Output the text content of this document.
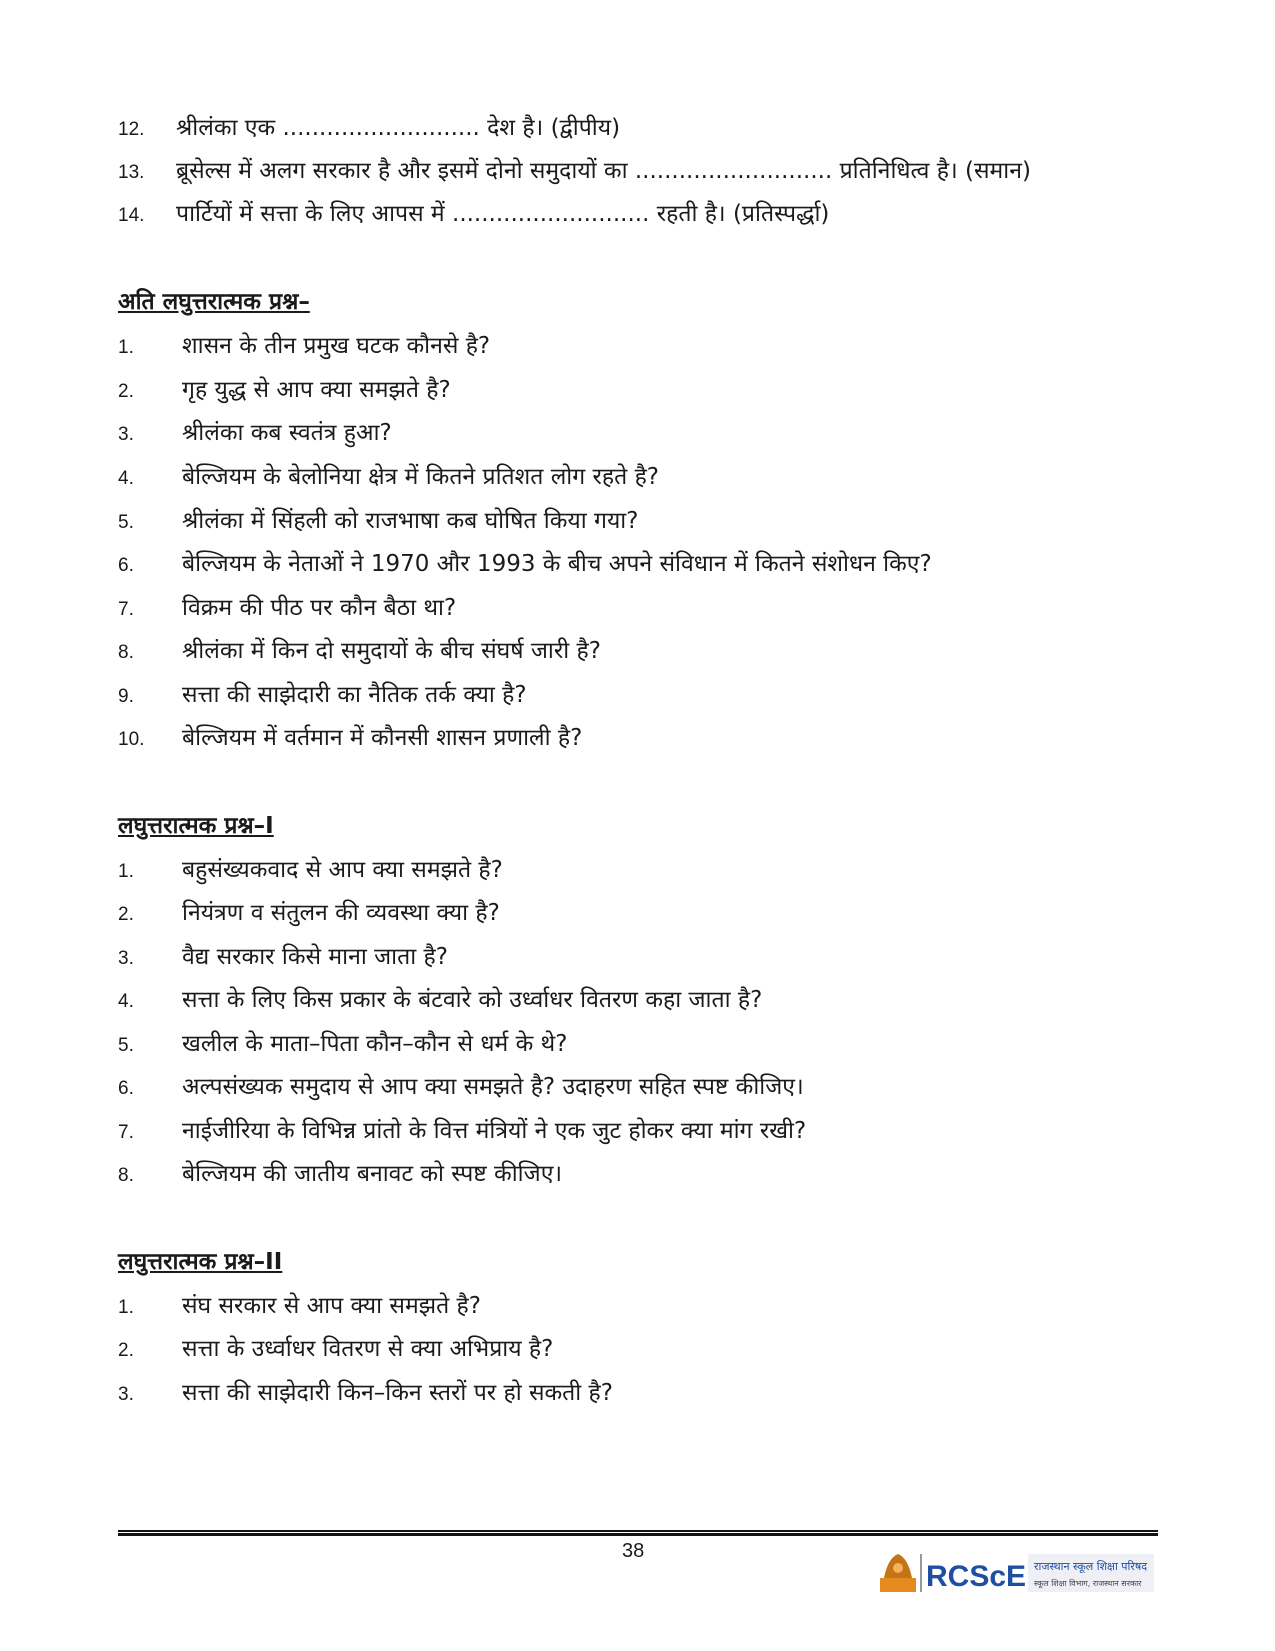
12. श्रीलंका एक ........................... देश है। (द्वीपीय)
13. ब्रूसेल्स में अलग सरकार है और इसमें दोनो समुदायों का ........................... प्रतिनिधित्व है। (समान)
14. पार्टियों में सत्ता के लिए आपस में ........................... रहती है। (प्रतिस्पर्द्धा)
अति लघुत्तरात्मक प्रश्न–
1. शासन के तीन प्रमुख घटक कौनसे है?
2. गृह युद्ध से आप क्या समझते है?
3. श्रीलंका कब स्वतंत्र हुआ?
4. बेल्जियम के बेलोनिया क्षेत्र में कितने प्रतिशत लोग रहते है?
5. श्रीलंका में सिंहली को राजभाषा कब घोषित किया गया?
6. बेल्जियम के नेताओं ने 1970 और 1993 के बीच अपने संविधान में कितने संशोधन किए?
7. विक्रम की पीठ पर कौन बैठा था?
8. श्रीलंका में किन दो समुदायों के बीच संघर्ष जारी है?
9. सत्ता की साझेदारी का नैतिक तर्क क्या है?
10. बेल्जियम में वर्तमान में कौनसी शासन प्रणाली है?
लघुत्तरात्मक प्रश्न–I
1. बहुसंख्यकवाद से आप क्या समझते है?
2. नियंत्रण व संतुलन की व्यवस्था क्या है?
3. वैद्य सरकार किसे माना जाता है?
4. सत्ता के लिए किस प्रकार के बंटवारे को उर्ध्वाधर वितरण कहा जाता है?
5. खलील के माता–पिता कौन–कौन से धर्म के थे?
6. अल्पसंख्यक समुदाय से आप क्या समझते है? उदाहरण सहित स्पष्ट कीजिए।
7. नाईजीरिया के विभिन्न प्रांतो के वित्त मंत्रियों ने एक जुट होकर क्या मांग रखी?
8. बेल्जियम की जातीय बनावट को स्पष्ट कीजिए।
लघुत्तरात्मक प्रश्न–II
1. संघ सरकार से आप क्या समझते है?
2. सत्ता के उर्ध्वाधर वितरण से क्या अभिप्राय है?
3. सत्ता की साझेदारी किन–किन स्तरों पर हो सकती है?
38
RCScE राजस्थान स्कूल शिक्षा परिषद
स्कूल शिक्षा विभाग, राजस्थान सरकार
